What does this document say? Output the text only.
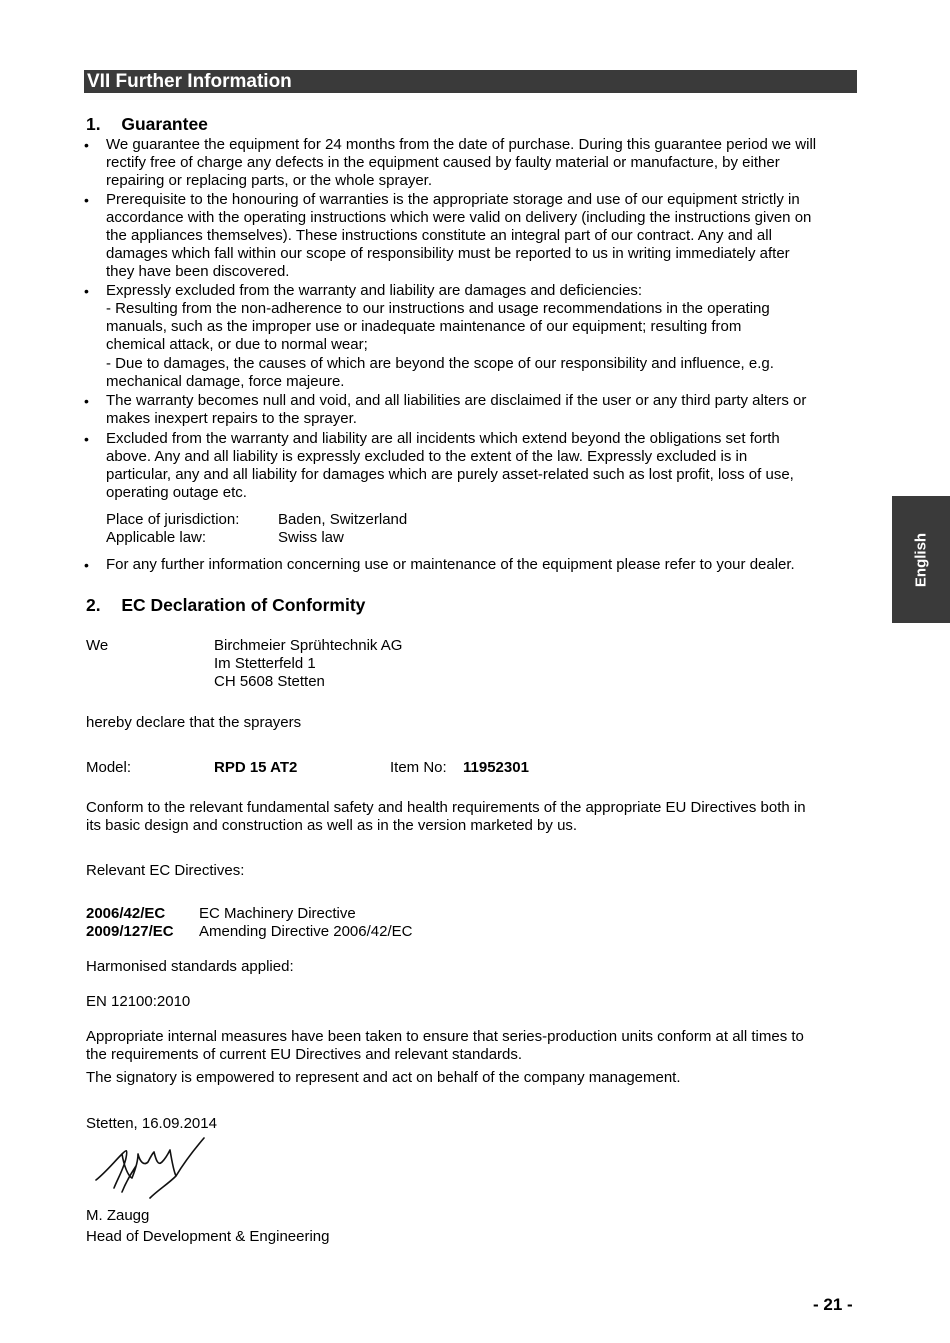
VII Further Information
English
1. Guarantee
• We guarantee the equipment for 24 months from the date of purchase. During this guarantee period we will
rectify free of charge any defects in the equipment caused by faulty material or manufacture, by either
repairing or replacing parts, or the whole sprayer.
• Prerequisite to the honouring of warranties is the appropriate storage and use of our equipment strictly in
accordance with the operating instructions which were valid on delivery (including the instructions given on
the appliances themselves). These instructions constitute an integral part of our contract. Any and all
damages which fall within our scope of responsibility must be reported to us in writing immediately after
they have been discovered.
• Expressly excluded from the warranty and liability are damages and deficiencies:
- Resulting from the non-adherence to our instructions and usage recommendations in the operating
manuals, such as the improper use or inadequate maintenance of our equipment; resulting from
chemical attack, or due to normal wear;
- Due to damages, the causes of which are beyond the scope of our responsibility and influence, e.g.
mechanical damage, force majeure.
• The warranty becomes null and void, and all liabilities are disclaimed if the user or any third party alters or
makes inexpert repairs to the sprayer.
• Excluded from the warranty and liability are all incidents which extend beyond the obligations set forth
above. Any and all liability is expressly excluded to the extent of the law. Expressly excluded is in
particular, any and all liability for damages which are purely asset-related such as lost profit, loss of use,
operating outage etc.
Place of jurisdiction:	Baden, Switzerland
Applicable law:	Swiss law
• For any further information concerning use or maintenance of the equipment please refer to your dealer.
2. EC Declaration of Conformity
We	Birchmeier Sprühtechnik AG
Im Stetterfeld 1
CH 5608 Stetten
hereby declare that the sprayers
Model:	RPD 15 AT2	Item No: 11952301
Conform to the relevant fundamental safety and health requirements of the appropriate EU Directives both in
its basic design and construction as well as in the version marketed by us.
Relevant EC Directives:
2006/42/EC EC Machinery Directive
2009/127/EC Amending Directive 2006/42/EC
Harmonised standards applied:
EN 12100:2010
Appropriate internal measures have been taken to ensure that series-production units conform at all times to
the requirements of current EU Directives and relevant standards.
The signatory is empowered to represent and act on behalf of the company management.
Stetten, 16.09.2014
M. Zaugg
Head of Development & Engineering
- 21 -
